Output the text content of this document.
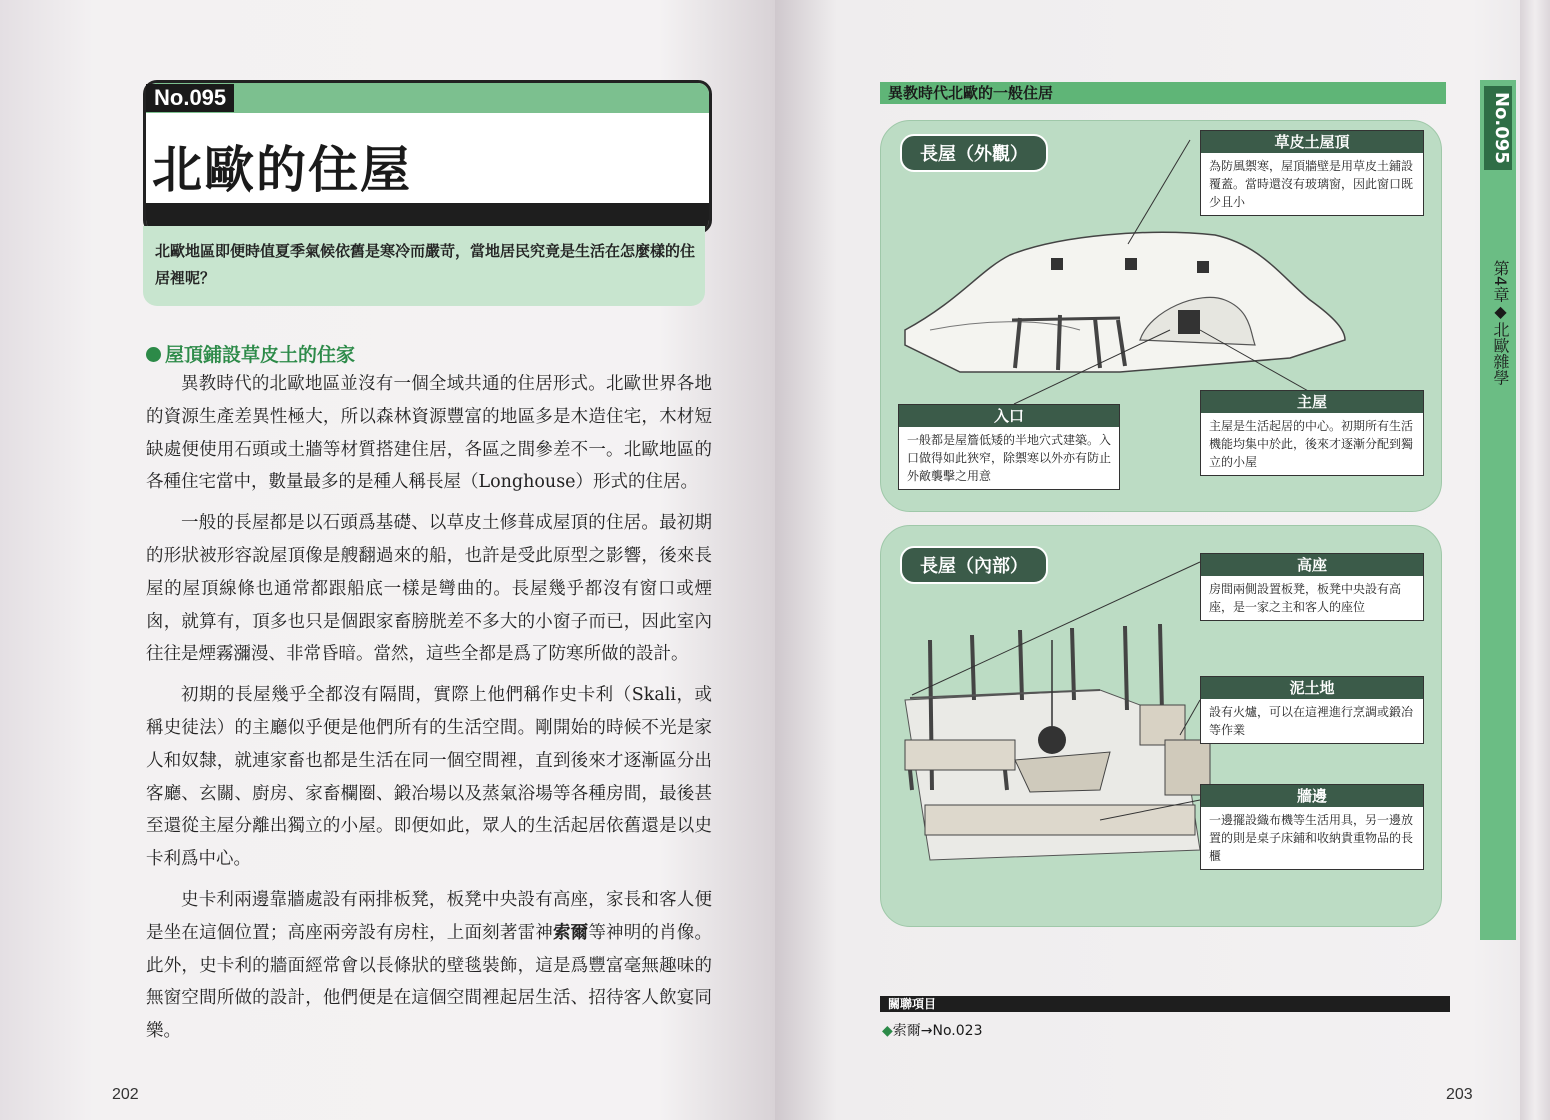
No.095
北歐的住屋
北歐地區即便時值夏季氣候依舊是寒冷而嚴苛，當地居民究竟是生活在怎麼樣的住居裡呢？
屋頂鋪設草皮土的住家

異教時代的北歐地區並沒有一個全域共通的住居形式。北歐世界各地的資源生產差異性極大，所以森林資源豐富的地區多是木造住宅，木材短缺處便使用石頭或土牆等材質搭建住居，各區之間參差不一。北歐地區的各種住宅當中，數量最多的是種人稱長屋（Longhouse）形式的住居。

一般的長屋都是以石頭爲基礎、以草皮土修葺成屋頂的住居。最初期的形狀被形容說屋頂像是艘翻過來的船，也許是受此原型之影響，後來長屋的屋頂線條也通常都跟船底一樣是彎曲的。長屋幾乎都沒有窗口或煙囪，就算有，頂多也只是個跟家畜膀胱差不多大的小窗子而已，因此室內往往是煙霧瀰漫、非常昏暗。當然，這些全都是爲了防寒所做的設計。

初期的長屋幾乎全都沒有隔間，實際上他們稱作史卡利（Skali，或稱史徒法）的主廳似乎便是他們所有的生活空間。剛開始的時候不光是家人和奴隸，就連家畜也都是生活在同一個空間裡，直到後來才逐漸區分出客廳、玄關、廚房、家畜欄圈、鍛冶場以及蒸氣浴場等各種房間，最後甚至還從主屋分離出獨立的小屋。即便如此，眾人的生活起居依舊還是以史卡利爲中心。

史卡利兩邊靠牆處設有兩排板凳，板凳中央設有高座，家長和客人便是坐在這個位置；高座兩旁設有房柱，上面刻著雷神索爾等神明的肖像。此外，史卡利的牆面經常會以長條狀的壁毯裝飾，這是爲豐富毫無趣味的無窗空間所做的設計，他們便是在這個空間裡起居生活、招待客人飲宴同樂。

202
異教時代北歐的一般住居
長屋（外觀）
長屋（內部）
草皮土屋頂
為防風禦寒，屋頂牆壁是用草皮土鋪設覆蓋。當時還沒有玻璃窗，因此窗口既少且小
入口
一般都是屋簷低矮的半地穴式建築。入口做得如此狹窄，除禦寒以外亦有防止外敵襲擊之用意
主屋
主屋是生活起居的中心。初期所有生活機能均集中於此，後來才逐漸分配到獨立的小屋
高座
房間兩側設置板凳，板凳中央設有高座，是一家之主和客人的座位
泥土地
設有火爐，可以在這裡進行烹調或鍛冶等作業
牆邊
一邊擺設織布機等生活用具，另一邊放置的則是桌子床鋪和收納貴重物品的長櫃
關聯項目
◆索爾→No.023
No.095
第4章◆北歐雜學
203
